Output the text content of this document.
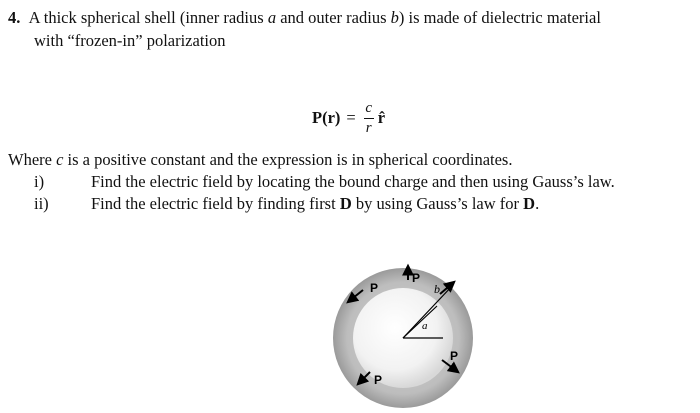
4. A thick spherical shell (inner radius a and outer radius b) is made of dielectric material
with “frozen-in” polarization
$P(r) = \frac{c}{r}$ r̂
Where c is a positive constant and the expression is in spherical coordinates.
i)	Find the electric field by locating the bound charge and then using Gauss’s law.
ii)	Find the electric field by finding first D by using Gauss’s law for D.
P
P
b
a
P
P
